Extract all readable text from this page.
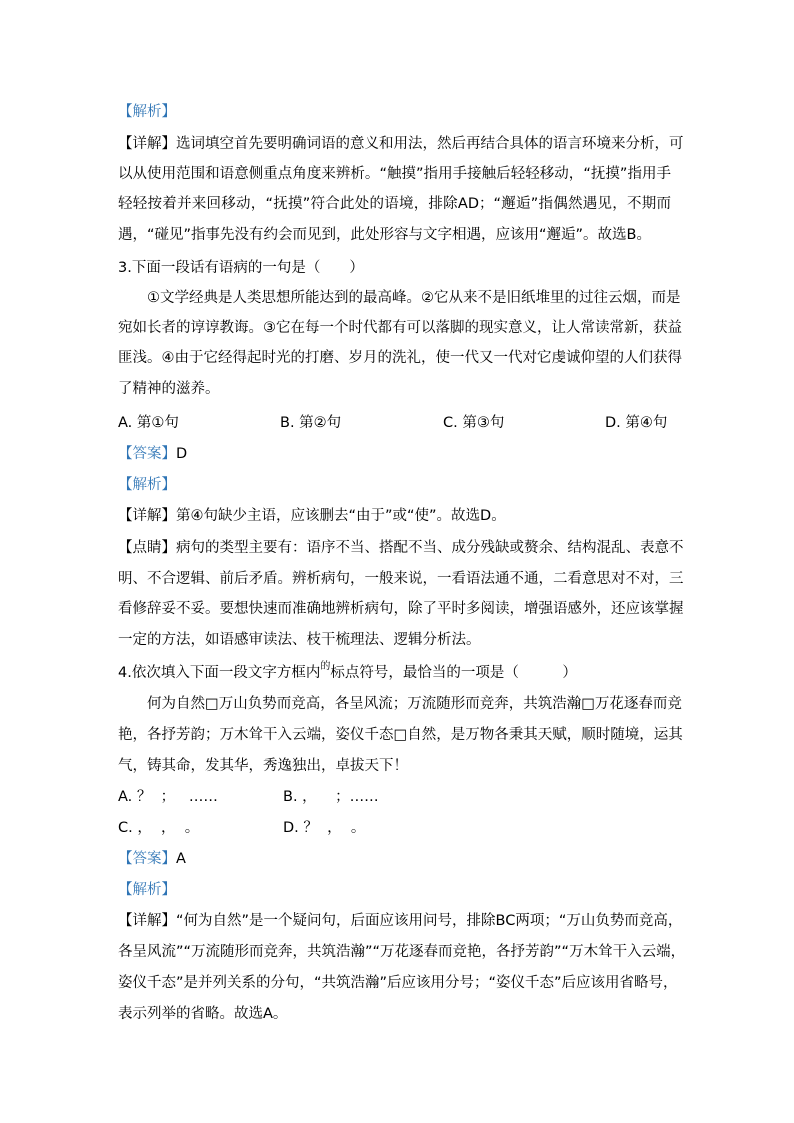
【解析】
【详解】选词填空首先要明确词语的意义和用法，然后再结合具体的语言环境来分析，可
以从使用范围和语意侧重点角度来辨析。“触摸”指用手接触后轻轻移动，“抚摸”指用手
轻轻按着并来回移动，“抚摸”符合此处的语境，排除AD；“邂逅”指偶然遇见，不期而
遇，“碰见”指事先没有约会而见到，此处形容与文字相遇，应该用“邂逅”。故选B。
3.下面一段话有语病的一句是（　　）
①文学经典是人类思想所能达到的最高峰。②它从来不是旧纸堆里的过往云烟，而是
宛如长者的谆谆教诲。③它在每一个时代都有可以落脚的现实意义，让人常读常新，获益
匪浅。④由于它经得起时光的打磨、岁月的洗礼，使一代又一代对它虔诚仰望的人们获得
了精神的滋养。
A. 第①句	B. 第②句	C. 第③句	D. 第④句
【答案】D
【解析】
【详解】第④句缺少主语，应该删去“由于”或“使”。故选D。
【点睛】病句的类型主要有：语序不当、搭配不当、成分残缺或赘余、结构混乱、表意不
明、不合逻辑、前后矛盾。辨析病句，一般来说，一看语法通不通，二看意思对不对，三
看修辞妥不妥。要想快速而准确地辨析病句，除了平时多阅读，增强语感外，还应该掌握
一定的方法，如语感审读法、枝干梳理法、逻辑分析法。
4.依次填入下面一段文字方框内$^的$标点符号，最恰当的一项是（　　　）
何为自然□万山负势而竞高，各呈风流；万流随形而竞奔，共筑浩瀚□万花逐春而竞
艳，各抒芳韵；万木耸干入云端，姿仪千态□自然，是万物各秉其天赋，顺时随境，运其
气，铸其命，发其华，秀逸独出，卓拔天下！
A. ？  ；   ……	B. ，    ；……
C. ，  ，  。	D. ？  ，  。
【答案】A
【解析】
【详解】“何为自然”是一个疑问句，后面应该用问号，排除BC两项；“万山负势而竞高，
各呈风流”“万流随形而竞奔，共筑浩瀚”“万花逐春而竞艳，各抒芳韵”“万木耸干入云端，
姿仪千态”是并列关系的分句，“共筑浩瀚”后应该用分号；“姿仪千态”后应该用省略号，
表示列举的省略。故选A。
